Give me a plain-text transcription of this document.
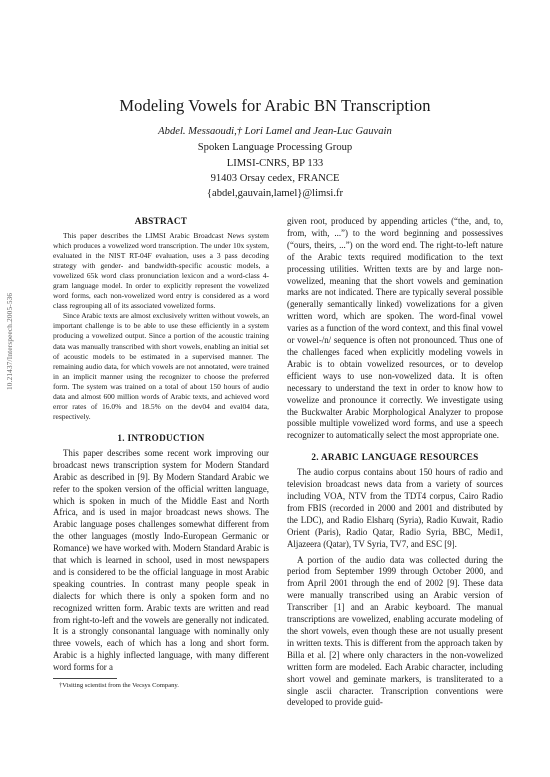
10.21437/Interspeech.2005-536
Modeling Vowels for Arabic BN Transcription
Abdel. Messaoudi,† Lori Lamel and Jean-Luc Gauvain
Spoken Language Processing Group
LIMSI-CNRS, BP 133
91403 Orsay cedex, FRANCE
{abdel,gauvain,lamel}@limsi.fr
ABSTRACT

This paper describes the LIMSI Arabic Broadcast News system which produces a vowelized word transcription. The under 10x system, evaluated in the NIST RT-04F evaluation, uses a 3 pass decoding strategy with gender- and bandwidth-specific acoustic models, a vowelized 65k word class pronunciation lexicon and a word-class 4-gram language model. In order to explicitly represent the vowelized word forms, each non-vowelized word entry is considered as a word class regrouping all of its associated vowelized forms.

Since Arabic texts are almost exclusively written without vowels, an important challenge is to be able to use these efficiently in a system producing a vowelized output. Since a portion of the acoustic training data was manually transcribed with short vowels, enabling an initial set of acoustic models to be estimated in a supervised manner. The remaining audio data, for which vowels are not annotated, were trained in an implicit manner using the recognizer to choose the preferred form. The system was trained on a total of about 150 hours of audio data and almost 600 million words of Arabic texts, and achieved word error rates of 16.0% and 18.5% on the dev04 and eval04 data, respectively.

1. INTRODUCTION

This paper describes some recent work improving our broadcast news transcription system for Modern Standard Arabic as described in [9]. By Modern Standard Arabic we refer to the spoken version of the official written language, which is spoken in much of the Middle East and North Africa, and is used in major broadcast news shows. The Arabic language poses challenges somewhat different from the other languages (mostly Indo-European Germanic or Romance) we have worked with. Modern Standard Arabic is that which is learned in school, used in most newspapers and is considered to be the official language in most Arabic speaking countries. In contrast many people speak in dialects for which there is only a spoken form and no recognized written form. Arabic texts are written and read from right-to-left and the vowels are generally not indicated. It is a strongly consonantal language with nominally only three vowels, each of which has a long and short form. Arabic is a highly inflected language, with many different word forms for a

†Visiting scientist from the Vecsys Company.

given root, produced by appending articles (“the, and, to, from, with, ...”) to the word beginning and possessives (“ours, theirs, ...”) on the word end. The right-to-left nature of the Arabic texts required modification to the text processing utilities. Written texts are by and large non-vowelized, meaning that the short vowels and gemination marks are not indicated. There are typically several possible (generally semantically linked) vowelizations for a given written word, which are spoken. The word-final vowel varies as a function of the word context, and this final vowel or vowel-/n/ sequence is often not pronounced. Thus one of the challenges faced when explicitly modeling vowels in Arabic is to obtain vowelized resources, or to develop efficient ways to use non-vowelized data. It is often necessary to understand the text in order to know how to vowelize and pronounce it correctly. We investigate using the Buckwalter Arabic Morphological Analyzer to propose possible multiple vowelized word forms, and use a speech recognizer to automatically select the most appropriate one.

2. ARABIC LANGUAGE RESOURCES

The audio corpus contains about 150 hours of radio and television broadcast news data from a variety of sources including VOA, NTV from the TDT4 corpus, Cairo Radio from FBIS (recorded in 2000 and 2001 and distributed by the LDC), and Radio Elsharq (Syria), Radio Kuwait, Radio Orient (Paris), Radio Qatar, Radio Syria, BBC, Medi1, Aljazeera (Qatar), TV Syria, TV7, and ESC [9].

A portion of the audio data was collected during the period from September 1999 through October 2000, and from April 2001 through the end of 2002 [9]. These data were manually transcribed using an Arabic version of Transcriber [1] and an Arabic keyboard. The manual transcriptions are vowelized, enabling accurate modeling of the short vowels, even though these are not usually present in written texts. This is different from the approach taken by Billa et al. [2] where only characters in the non-vowelized written form are modeled. Each Arabic character, including short vowel and geminate markers, is transliterated to a single ascii character. Transcription conventions were developed to provide guid-
